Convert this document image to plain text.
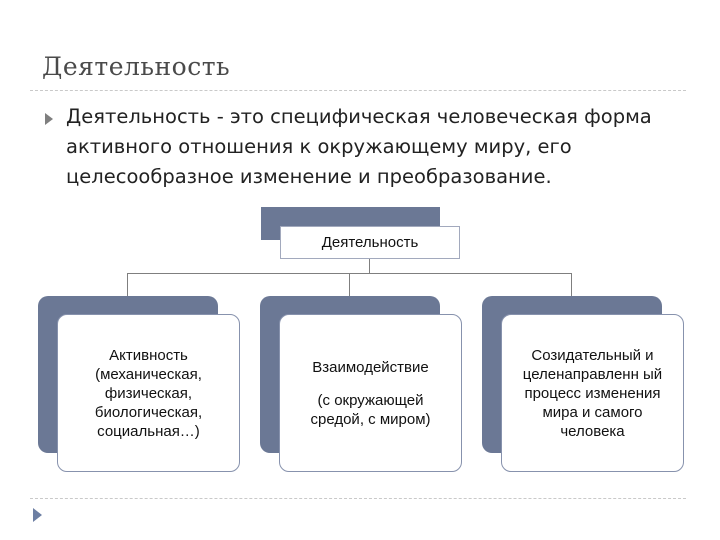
Деятельность
Деятельность - это специфическая человеческая форма активного отношения к окружающему миру, его целесообразное изменение и преобразование.
Деятельность
Активность (механическая, физическая, биологическая, социальная…)
Взаимодействие
(с окружающей средой, с миром)
Созидательный и целенаправленн ый процесс изменения мира и самого человека
